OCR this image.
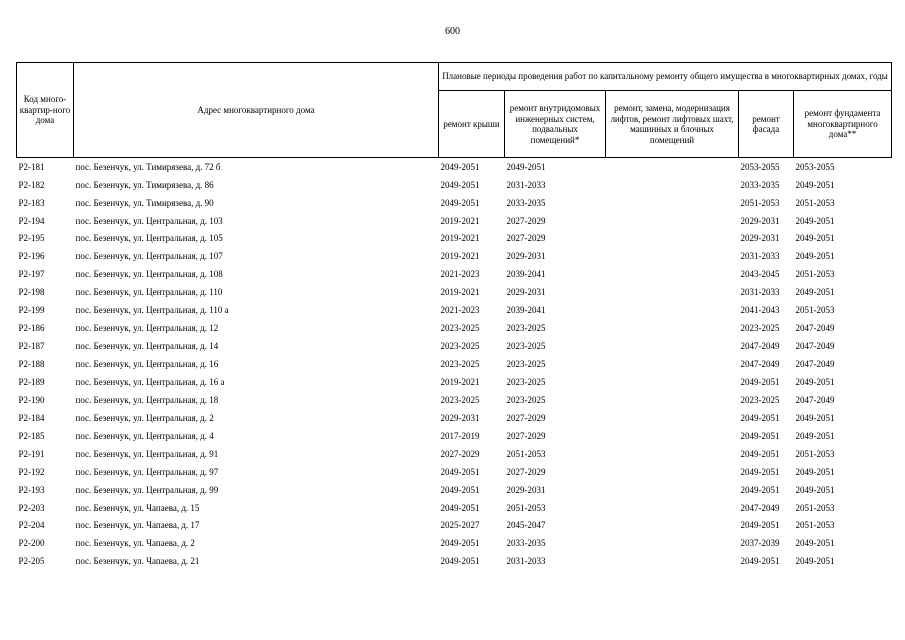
600
Код много-квартир-ного дома	Адрес многоквартирного дома	Плановые периоды проведения работ по капитальному ремонту общего имущества в многоквартирных домах, годы				
		ремонт крыши	ремонт внутридомовых инженерных систем, подвальных помещений*	ремонт, замена, модернизация лифтов, ремонт лифтовых шахт, машинных и блочных помещений	ремонт фасада	ремонт фундамента многоквартирного дома**
Р2-181	пос. Безенчук, ул. Тимирязева, д. 72 б	2049-2051	2049-2051		2053-2055	2053-2055
Р2-182	пос. Безенчук, ул. Тимирязева, д. 86	2049-2051	2031-2033		2033-2035	2049-2051
Р2-183	пос. Безенчук, ул. Тимирязева, д. 90	2049-2051	2033-2035		2051-2053	2051-2053
Р2-194	пос. Безенчук, ул. Центральная, д. 103	2019-2021	2027-2029		2029-2031	2049-2051
Р2-195	пос. Безенчук, ул. Центральная, д. 105	2019-2021	2027-2029		2029-2031	2049-2051
Р2-196	пос. Безенчук, ул. Центральная, д. 107	2019-2021	2029-2031		2031-2033	2049-2051
Р2-197	пос. Безенчук, ул. Центральная, д. 108	2021-2023	2039-2041		2043-2045	2051-2053
Р2-198	пос. Безенчук, ул. Центральная, д. 110	2019-2021	2029-2031		2031-2033	2049-2051
Р2-199	пос. Безенчук, ул. Центральная, д. 110 а	2021-2023	2039-2041		2041-2043	2051-2053
Р2-186	пос. Безенчук, ул. Центральная, д. 12	2023-2025	2023-2025		2023-2025	2047-2049
Р2-187	пос. Безенчук, ул. Центральная, д. 14	2023-2025	2023-2025		2047-2049	2047-2049
Р2-188	пос. Безенчук, ул. Центральная, д. 16	2023-2025	2023-2025		2047-2049	2047-2049
Р2-189	пос. Безенчук, ул. Центральная, д. 16 а	2019-2021	2023-2025		2049-2051	2049-2051
Р2-190	пос. Безенчук, ул. Центральная, д. 18	2023-2025	2023-2025		2023-2025	2047-2049
Р2-184	пос. Безенчук, ул. Центральная, д. 2	2029-2031	2027-2029		2049-2051	2049-2051
Р2-185	пос. Безенчук, ул. Центральная, д. 4	2017-2019	2027-2029		2049-2051	2049-2051
Р2-191	пос. Безенчук, ул. Центральная, д. 91	2027-2029	2051-2053		2049-2051	2051-2053
Р2-192	пос. Безенчук, ул. Центральная, д. 97	2049-2051	2027-2029		2049-2051	2049-2051
Р2-193	пос. Безенчук, ул. Центральная, д. 99	2049-2051	2029-2031		2049-2051	2049-2051
Р2-203	пос. Безенчук, ул. Чапаева, д. 15	2049-2051	2051-2053		2047-2049	2051-2053
Р2-204	пос. Безенчук, ул. Чапаева, д. 17	2025-2027	2045-2047		2049-2051	2051-2053
Р2-200	пос. Безенчук, ул. Чапаева, д. 2	2049-2051	2033-2035		2037-2039	2049-2051
Р2-205	пос. Безенчук, ул. Чапаева, д. 21	2049-2051	2031-2033		2049-2051	2049-2051
